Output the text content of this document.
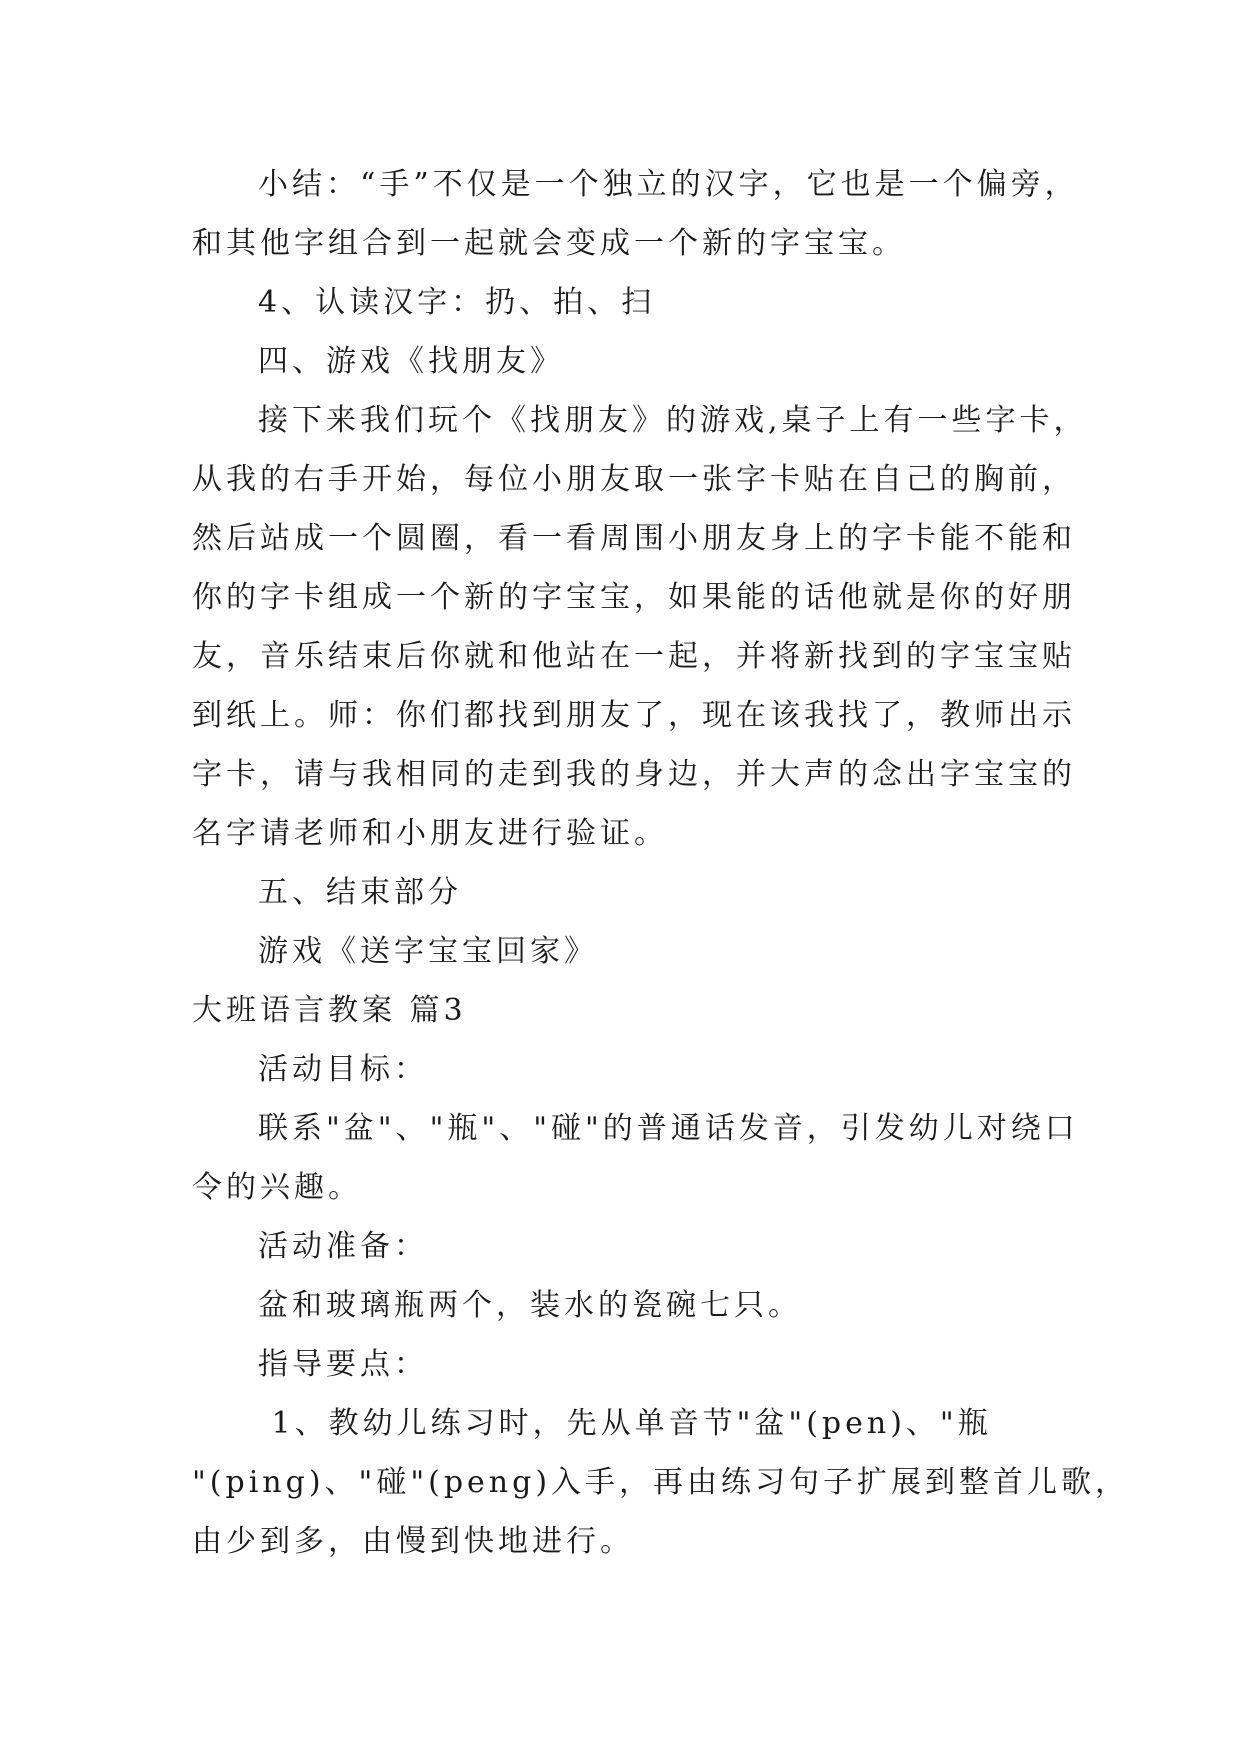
小结：“手”不仅是一个独立的汉字，它也是一个偏旁，
和其他字组合到一起就会变成一个新的字宝宝。

4、认读汉字：扔、拍、扫

四、游戏《找朋友》

接下来我们玩个《找朋友》的游戏,桌子上有一些字卡，
从我的右手开始，每位小朋友取一张字卡贴在自己的胸前，
然后站成一个圆圈，看一看周围小朋友身上的字卡能不能和
你的字卡组成一个新的字宝宝，如果能的话他就是你的好朋
友，音乐结束后你就和他站在一起，并将新找到的字宝宝贴
到纸上。师：你们都找到朋友了，现在该我找了，教师出示
字卡，请与我相同的走到我的身边，并大声的念出字宝宝的
名字请老师和小朋友进行验证。

五、结束部分

游戏《送字宝宝回家》

大班语言教案 篇3

活动目标：

联系"盆"、"瓶"、"碰"的普通话发音，引发幼儿对绕口
令的兴趣。

活动准备：

盆和玻璃瓶两个，装水的瓷碗七只。

指导要点：

1、教幼儿练习时，先从单音节"盆"(pen)、"瓶
"(ping)、"碰"(peng)入手，再由练习句子扩展到整首儿歌，
由少到多，由慢到快地进行。
